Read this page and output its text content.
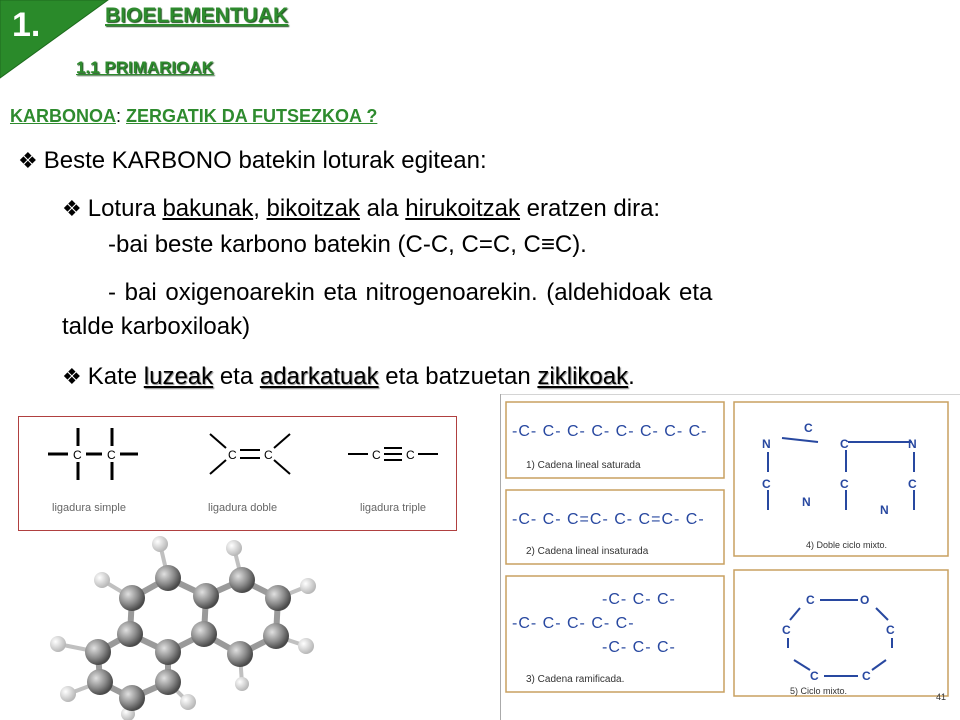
1.	BIOELEMENTUAK
1.1 PRIMARIOAK
KARBONOA: ZERGATIK DA FUTSEZKOA ?
❖ Beste KARBONO batekin loturak egitean:
❖ Lotura bakunak, bikoitzak ala hirukoitzak eratzen dira:
-bai beste karbono batekin (C-C, C=C, C≡C).
- bai oxigenoarekin eta nitrogenoarekin. (aldehidoak eta
talde karboxiloak)
❖ Kate luzeak eta adarkatuak eta batzuetan ziklikoak.
C C
ligadura simple
C C
ligadura doble
C C
ligadura triple
-C- C- C- C- C- C- C- C-
1) Cadena lineal saturada
-C- C- C=C- C- C=C- C-
2) Cadena lineal insaturada
-C- C- C-
-C- C- C- C- C-
-C- C- C-
3) Cadena ramificada.
N
C
C	N
C	C	C
N
N
4) Doble ciclo mixto.
C	O
C	C
C	C
5) Ciclo mixto.
41
